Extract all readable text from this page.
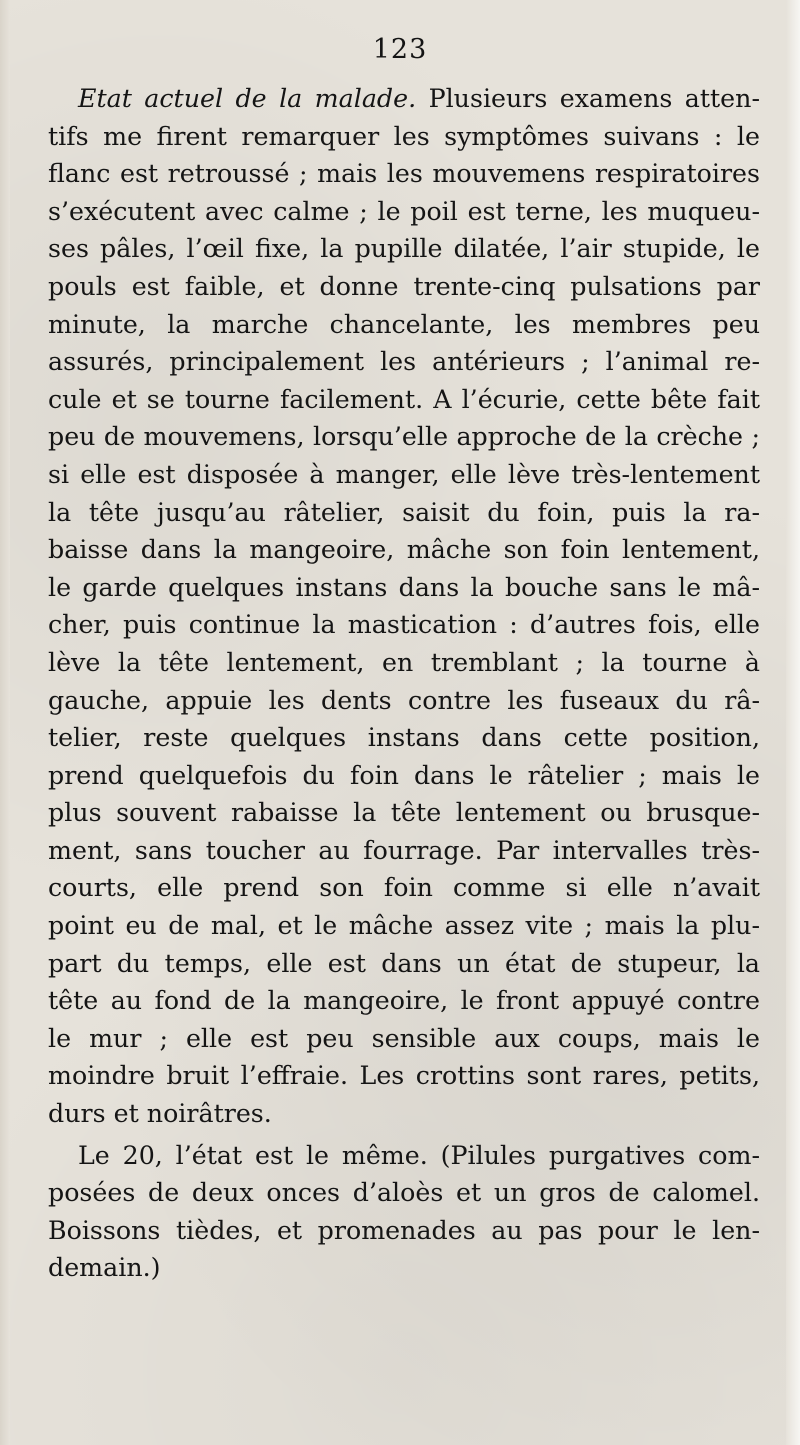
123
Etat actuel de la malade. Plusieurs examens atten-
tifs me firent remarquer les symptômes suivans : le
flanc est retroussé ; mais les mouvemens respiratoires
s’exécutent avec calme ; le poil est terne, les muqueu-
ses pâles, l’œil fixe, la pupille dilatée, l’air stupide, le
pouls est faible, et donne trente-cinq pulsations par
minute, la marche chancelante, les membres peu
assurés, principalement les antérieurs ; l’animal re-
cule et se tourne facilement. A l’écurie, cette bête fait
peu de mouvemens, lorsqu’elle approche de la crèche ;
si elle est disposée à manger, elle lève très-lentement
la tête jusqu’au râtelier, saisit du foin, puis la ra-
baisse dans la mangeoire, mâche son foin lentement,
le garde quelques instans dans la bouche sans le mâ-
cher, puis continue la mastication : d’autres fois, elle
lève la tête lentement, en tremblant ; la tourne à
gauche, appuie les dents contre les fuseaux du râ-
telier, reste quelques instans dans cette position,
prend quelquefois du foin dans le râtelier ; mais le
plus souvent rabaisse la tête lentement ou brusque-
ment, sans toucher au fourrage. Par intervalles très-
courts, elle prend son foin comme si elle n’avait
point eu de mal, et le mâche assez vite ; mais la plu-
part du temps, elle est dans un état de stupeur, la
tête au fond de la mangeoire, le front appuyé contre
le mur ; elle est peu sensible aux coups, mais le
moindre bruit l’effraie. Les crottins sont rares, petits,
durs et noirâtres.
Le 20, l’état est le même. (Pilules purgatives com-
posées de deux onces d’aloès et un gros de calomel.
Boissons tièdes, et promenades au pas pour le len-
demain.)
